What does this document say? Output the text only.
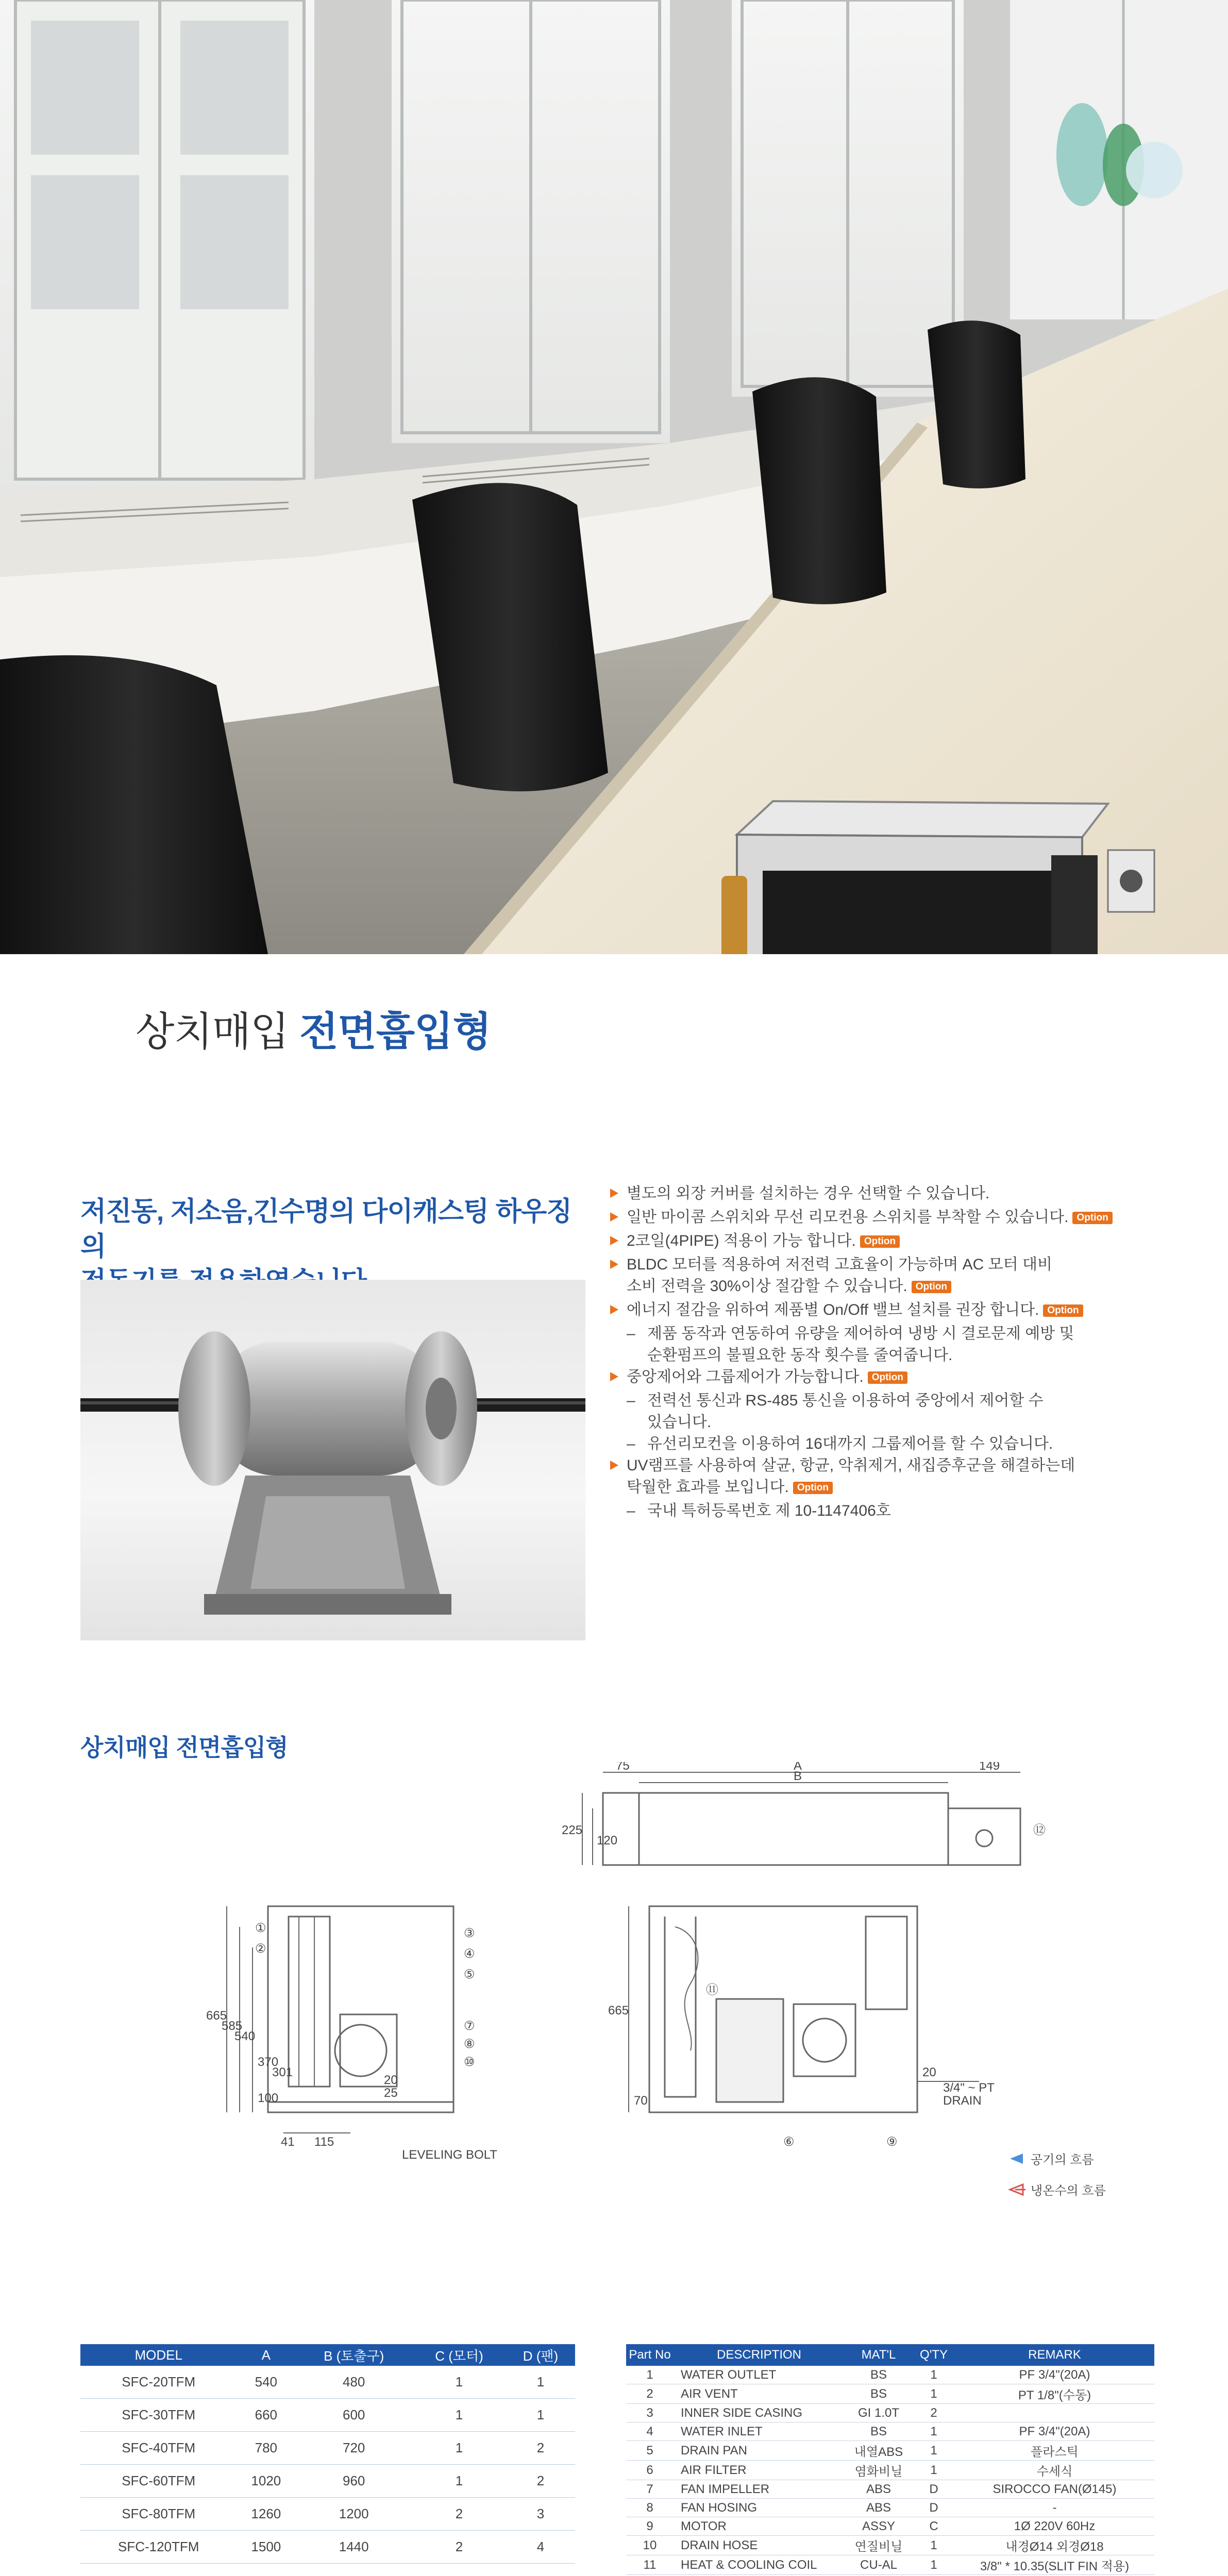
상치매입 전면흡입형
저진동, 저소음,긴수명의 다이캐스팅 하우징의
별도의 외장 커버를 설치하는 경우 선택할 수 있습니다.
일반 마이콤 스위치와 무선 리모컨용 스위치를 부착할 수 있습니다. Option
2코일(4PIPE) 적용이 가능 합니다. Option
BLDC 모터를 적용하여 저전력 고효율이 가능하며 AC 모터 대비
소비 전력을 30%이상 절감할 수 있습니다. Option
에너지 절감을 위하여 제품별 On/Off 밸브 설치를 권장 합니다. Option
– 제품 동작과 연동하여 유량을 제어하여 냉방 시 결로문제 예방 및
순환펌프의 불필요한 동작 횟수를 줄여줍니다.
중앙제어와 그룹제어가 가능합니다. Option
– 전력선 통신과 RS-485 통신을 이용하여 중앙에서 제어할 수
있습니다.
– 유선리모컨을 이용하여 16대까지 그룹제어를 할 수 있습니다.
UV램프를 사용하여 살균, 항균, 악취제거, 새집증후군을 해결하는데
탁월한 효과를 보입니다. Option
– 국내 특허등록번호 제 10-1147406호
상치매입 전면흡입형
75	A	149
B
225
120
665
585
540
370
301
100
41 115
20
25
665
70
20
3/4" ~ PT
DRAIN
①
②
③
④
⑤
⑥
⑦
⑧
⑨
⑩
⑪
⑫
LEVELING BOLT	공기의 흐름
냉온수의 흐름
MODEL	A	B (토출구)	C (모터)	D (팬)
SFC-20TFM	540	480	1	1
SFC-30TFM	660	600	1	1
SFC-40TFM	780	720	1	2
SFC-60TFM	1020	960	1	2
SFC-80TFM	1260	1200	2	3
SFC-120TFM	1500	1440	2	4
Part No	DESCRIPTION	MAT'L	Q'TY	REMARK
1	WATER OUTLET	BS	1	PF 3/4"(20A)
2	AIR VENT	BS	1	PT 1/8"(수동)
3	INNER SIDE CASING	GI 1.0T	2	
4	WATER INLET	BS	1	PF 3/4"(20A)
5	DRAIN PAN	내열ABS	1	플라스틱
6	AIR FILTER	염화비닐	1	수세식
7	FAN IMPELLER	ABS	D	SIROCCO FAN(Ø145)
8	FAN HOSING	ABS	D	-
9	MOTOR	ASSY	C	1Ø 220V 60Hz
10	DRAIN HOSE	연질비닐	1	내경Ø14 외경Ø18
11	HEAT & COOLING COIL	CU-AL	1	3/8" * 10.35(SLIT FIN 적용)
